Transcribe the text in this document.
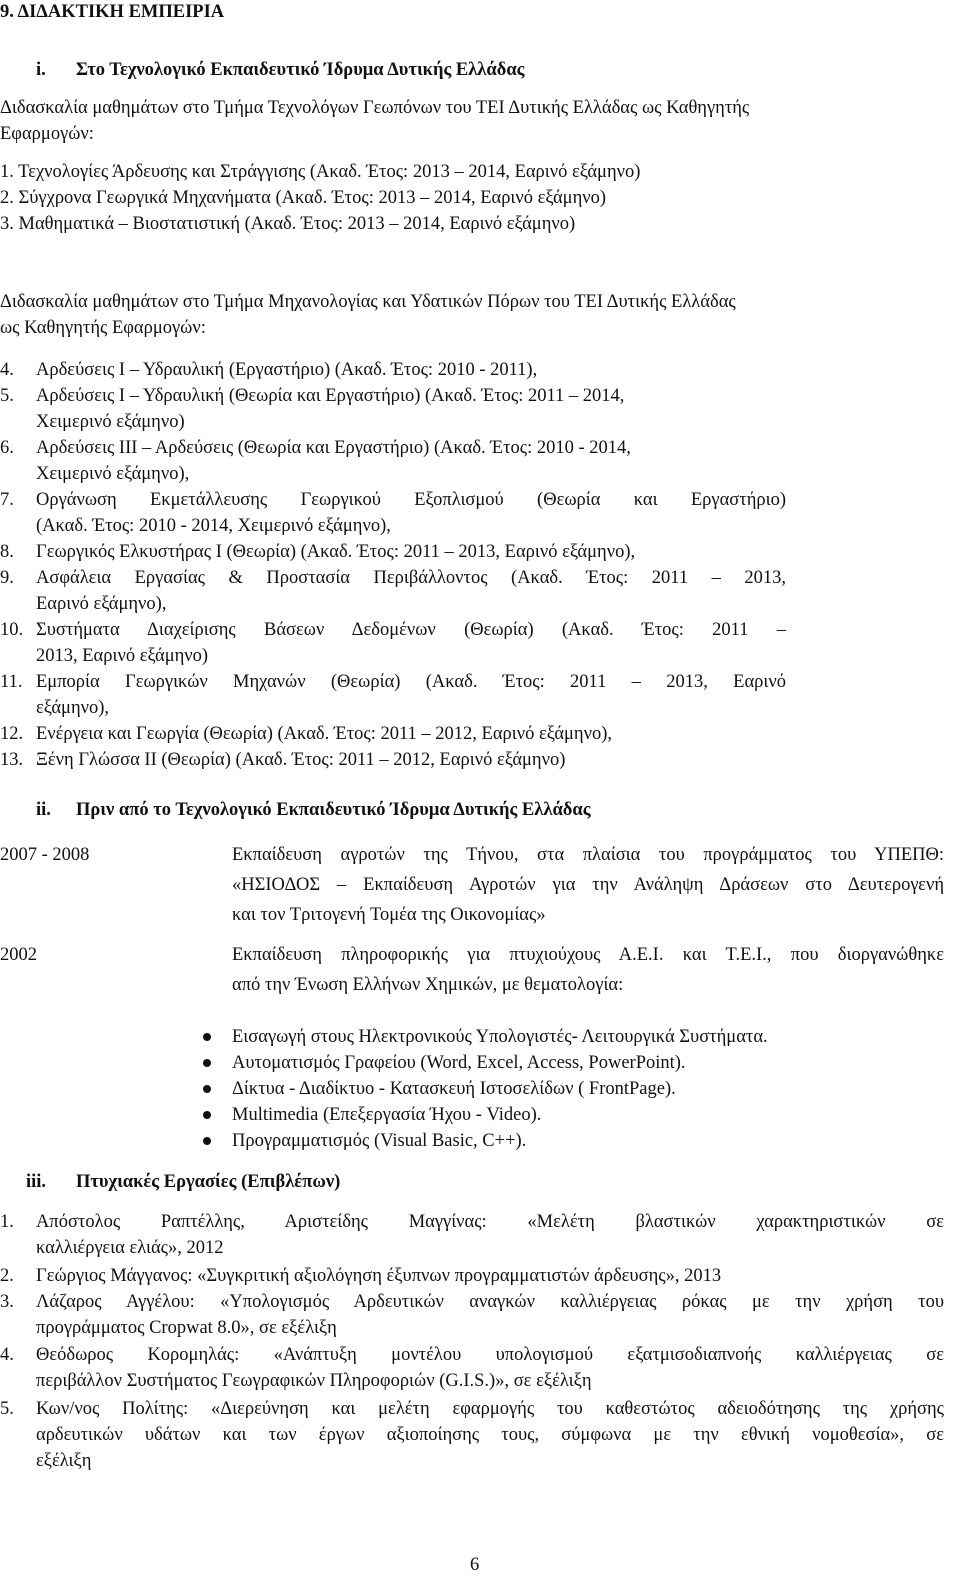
9. ΔΙΔΑΚΤΙΚΗ ΕΜΠΕΙΡΙΑ
i. Στο Τεχνολογικό Εκπαιδευτικό Ίδρυμα Δυτικής Ελλάδας
Διδασκαλία μαθημάτων στο Τμήμα Τεχνολόγων Γεωπόνων του ΤΕΙ Δυτικής Ελλάδας ως Καθηγητής
Εφαρμογών:
1. Τεχνολογίες Άρδευσης και Στράγγισης (Ακαδ. Έτος: 2013 – 2014, Εαρινό εξάμηνο)
2. Σύγχρονα Γεωργικά Μηχανήματα (Ακαδ. Έτος: 2013 – 2014, Εαρινό εξάμηνο)
3. Μαθηματικά – Βιοστατιστική (Ακαδ. Έτος: 2013 – 2014, Εαρινό εξάμηνο)
Διδασκαλία μαθημάτων στο Τμήμα Μηχανολογίας και Υδατικών Πόρων του ΤΕΙ Δυτικής Ελλάδας
ως Καθηγητής Εφαρμογών:
4. Αρδεύσεις Ι – Υδραυλική (Εργαστήριο) (Ακαδ. Έτος: 2010 - 2011),
5. Αρδεύσεις Ι – Υδραυλική (Θεωρία και Εργαστήριο) (Ακαδ. Έτος: 2011 – 2014,
Χειμερινό εξάμηνο)
6. Αρδεύσεις ΙΙΙ – Αρδεύσεις (Θεωρία και Εργαστήριο) (Ακαδ. Έτος: 2010 - 2014,
Χειμερινό εξάμηνο),
7. Οργάνωση Εκμετάλλευσης Γεωργικού Εξοπλισμού (Θεωρία και Εργαστήριο)
(Ακαδ. Έτος: 2010 - 2014, Χειμερινό εξάμηνο),
8. Γεωργικός Ελκυστήρας Ι (Θεωρία) (Ακαδ. Έτος: 2011 – 2013, Εαρινό εξάμηνο),
9. Ασφάλεια Εργασίας & Προστασία Περιβάλλοντος (Ακαδ. Έτος: 2011 – 2013,
Εαρινό εξάμηνο),
10. Συστήματα Διαχείρισης Βάσεων Δεδομένων (Θεωρία) (Ακαδ. Έτος: 2011 –
2013, Εαρινό εξάμηνο)
11. Εμπορία Γεωργικών Μηχανών (Θεωρία) (Ακαδ. Έτος: 2011 – 2013, Εαρινό
εξάμηνο),
12. Ενέργεια και Γεωργία (Θεωρία) (Ακαδ. Έτος: 2011 – 2012, Εαρινό εξάμηνο),
13. Ξένη Γλώσσα ΙΙ (Θεωρία) (Ακαδ. Έτος: 2011 – 2012, Εαρινό εξάμηνο)
ii. Πριν από το Τεχνολογικό Εκπαιδευτικό Ίδρυμα Δυτικής Ελλάδας
2007 - 2008	Εκπαίδευση αγροτών της Τήνου, στα πλαίσια του προγράμματος του ΥΠΕΠΘ:
«ΗΣΙΟΔΟΣ – Εκπαίδευση Αγροτών για την Ανάληψη Δράσεων στο Δευτερογενή
και τον Τριτογενή Τομέα της Οικονομίας»
2002	Εκπαίδευση πληροφορικής για πτυχιούχους Α.Ε.Ι. και Τ.Ε.Ι., που διοργανώθηκε
από την Ένωση Ελλήνων Χημικών, με θεματολογία:
Εισαγωγή στους Ηλεκτρονικούς Υπολογιστές- Λειτουργικά Συστήματα.
Αυτοματισμός Γραφείου (Word, Excel, Access, PowerPoint).
Δίκτυα - Διαδίκτυο - Κατασκευή Ιστοσελίδων ( FrontPage).
Multimedia (Επεξεργασία Ήχου - Video).
Προγραμματισμός (Visual Basic, C++).
iii. Πτυχιακές Εργασίες (Επιβλέπων)
1. Απόστολος Ραπτέλλης, Αριστείδης Μαγγίνας: «Μελέτη βλαστικών χαρακτηριστικών σε
καλλιέργεια ελιάς», 2012
2. Γεώργιος Μάγγανος: «Συγκριτική αξιολόγηση έξυπνων προγραμματιστών άρδευσης», 2013
3. Λάζαρος Αγγέλου: «Υπολογισμός Αρδευτικών αναγκών καλλιέργειας ρόκας με την χρήση του
προγράμματος Cropwat 8.0», σε εξέλιξη
4. Θεόδωρος Κορομηλάς: «Ανάπτυξη μοντέλου υπολογισμού εξατμισοδιαπνοής καλλιέργειας σε
περιβάλλον Συστήματος Γεωγραφικών Πληροφοριών (G.I.S.)», σε εξέλιξη
5. Κων/νος Πολίτης: «Διερεύνηση και μελέτη εφαρμογής του καθεστώτος αδειοδότησης της χρήσης
αρδευτικών υδάτων και των έργων αξιοποίησης τους, σύμφωνα με την εθνική νομοθεσία», σε
εξέλιξη
6
